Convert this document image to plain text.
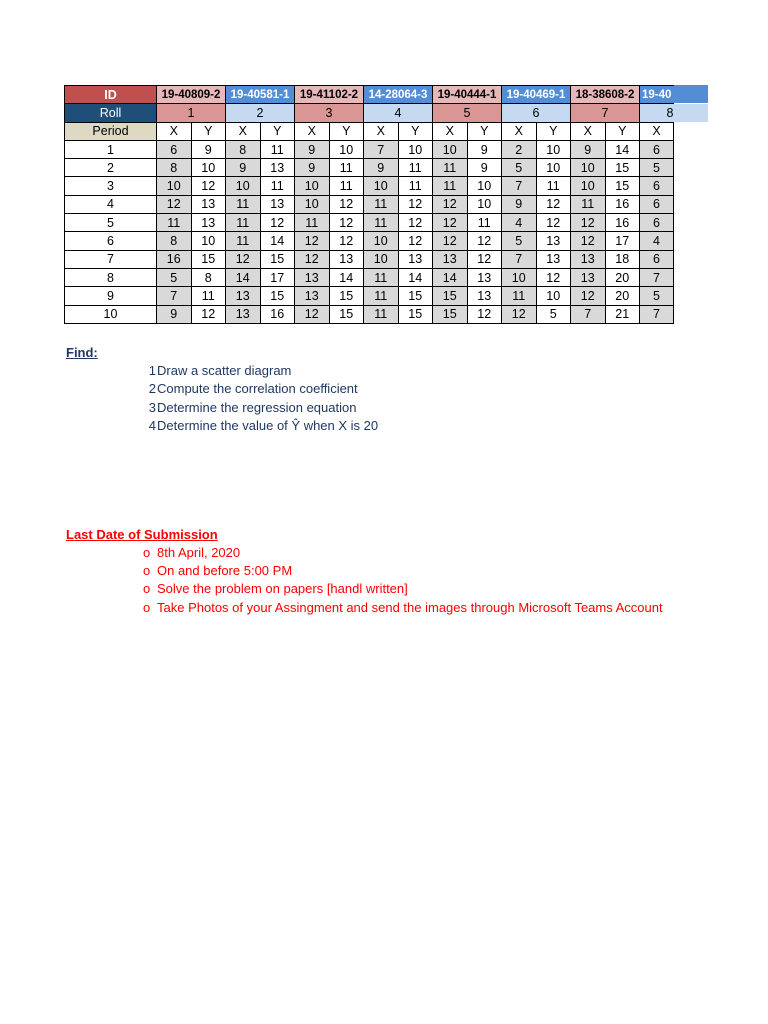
ID	19-40809-2		19-40581-1		19-41102-2		14-28064-3		19-40444-1		19-40469-1		18-38608-2		19-40
Roll	1		2		3		4		5		6		7		8
Period	X	Y	X	Y	X	Y	X	Y	X	Y	X	Y	X	Y	X
1	6	9	8	11	9	10	7	10	10	9	2	10	9	14	6
2	8	10	9	13	9	11	9	11	11	9	5	10	10	15	5
3	10	12	10	11	10	11	10	11	11	10	7	11	10	15	6
4	12	13	11	13	10	12	11	12	12	10	9	12	11	16	6
5	11	13	11	12	11	12	11	12	12	11	4	12	12	16	6
6	8	10	11	14	12	12	10	12	12	12	5	13	12	17	4
7	16	15	12	15	12	13	10	13	13	12	7	13	13	18	6
8	5	8	14	17	13	14	11	14	14	13	10	12	13	20	7
9	7	11	13	15	13	15	11	15	15	13	11	10	12	20	5
10	9	12	13	16	12	15	11	15	15	12	12	5	7	21	7
Find:
1Draw a scatter diagram
2Compute the correlation coefficient
3Determine the regression equation
4Determine the value of Ŷ when X is 20
Last Date of Submission
o 8th April, 2020
o On and before 5:00 PM
o Solve the problem on papers [handl written]
o Take Photos of your Assingment and send the images through Microsoft Teams Account
